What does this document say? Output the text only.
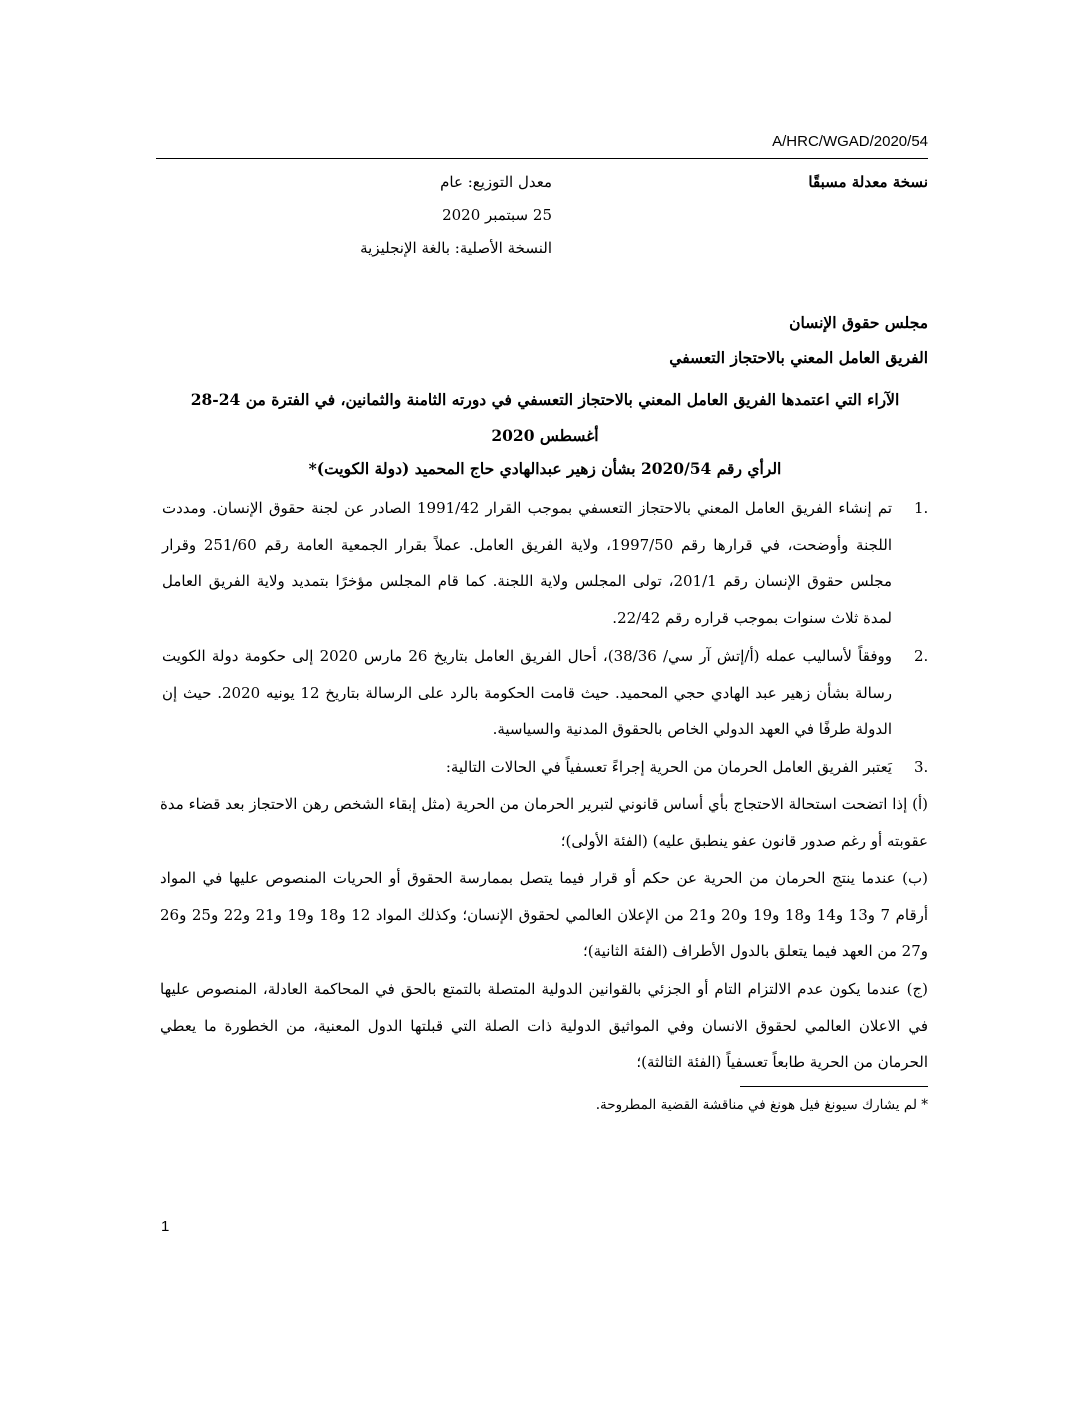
A/HRC/WGAD/2020/54
نسخة معدلة مسبقًا
معدل التوزيع: عام
25 سبتمبر 2020
النسخة الأصلية: بالغة الإنجليزية
مجلس حقوق الإنسان
الفريق العامل المعني بالاحتجاز التعسفي
الآراء التي اعتمدها الفريق العامل المعني بالاحتجاز التعسفي في دورته الثامنة والثمانين، في الفترة من 24-28 أغسطس 2020
الرأي رقم 2020/54 بشأن زهير عبدالهادي حاج المحميد (دولة الكويت)*
1.
تم إنشاء الفريق العامل المعني بالاحتجاز التعسفي بموجب القرار 1991/42 الصادر عن لجنة حقوق الإنسان. ومددت اللجنة وأوضحت، في قرارها رقم 1997/50، ولاية الفريق العامل. عملاً بقرار الجمعية العامة رقم 251/60 وقرار مجلس حقوق الإنسان رقم 201/1، تولى المجلس ولاية اللجنة. كما قام المجلس مؤخرًا بتمديد ولاية الفريق العامل لمدة ثلاث سنوات بموجب قراره رقم 22/42.
2.
ووفقاً لأساليب عمله (أ/إتش آر سي/ 38/36)، أحال الفريق العامل بتاريخ 26 مارس 2020 إلى حكومة دولة الكويت رسالة بشأن زهير عبد الهادي حجي المحميد. حيث قامت الحكومة بالرد على الرسالة بتاريخ 12 يونيه 2020. حيث إن الدولة طرفًا في العهد الدولي الخاص بالحقوق المدنية والسياسية.
3.
يَعتبر الفريق العامل الحرمان من الحرية إجراءً تعسفياً في الحالات التالية:
(أ) إذا اتضحت استحالة الاحتجاج بأي أساس قانوني لتبرير الحرمان من الحرية (مثل إبقاء الشخص رهن الاحتجاز بعد قضاء مدة عقوبته أو رغم صدور قانون عفو ينطبق عليه) (الفئة الأولى)؛
(ب) عندما ينتج الحرمان من الحرية عن حكم أو قرار فيما يتصل بممارسة الحقوق أو الحريات المنصوص عليها في المواد أرقام 7 و13 و14 و18 و19 و20 و21 من الإعلان العالمي لحقوق الإنسان؛ وكذلك المواد 12 و18 و19 و21 و22 و25 و26 و27 من العهد فيما يتعلق بالدول الأطراف (الفئة الثانية)؛
(ج) عندما يكون عدم الالتزام التام أو الجزئي بالقوانين الدولية المتصلة بالتمتع بالحق في المحاكمة العادلة، المنصوص عليها في الاعلان العالمي لحقوق الانسان وفي المواثيق الدولية ذات الصلة التي قبلتها الدول المعنية، من الخطورة ما يعطي الحرمان من الحرية طابعاً تعسفياً (الفئة الثالثة)؛
* لم يشارك سيونغ فيل هونغ في مناقشة القضية المطروحة.
1
